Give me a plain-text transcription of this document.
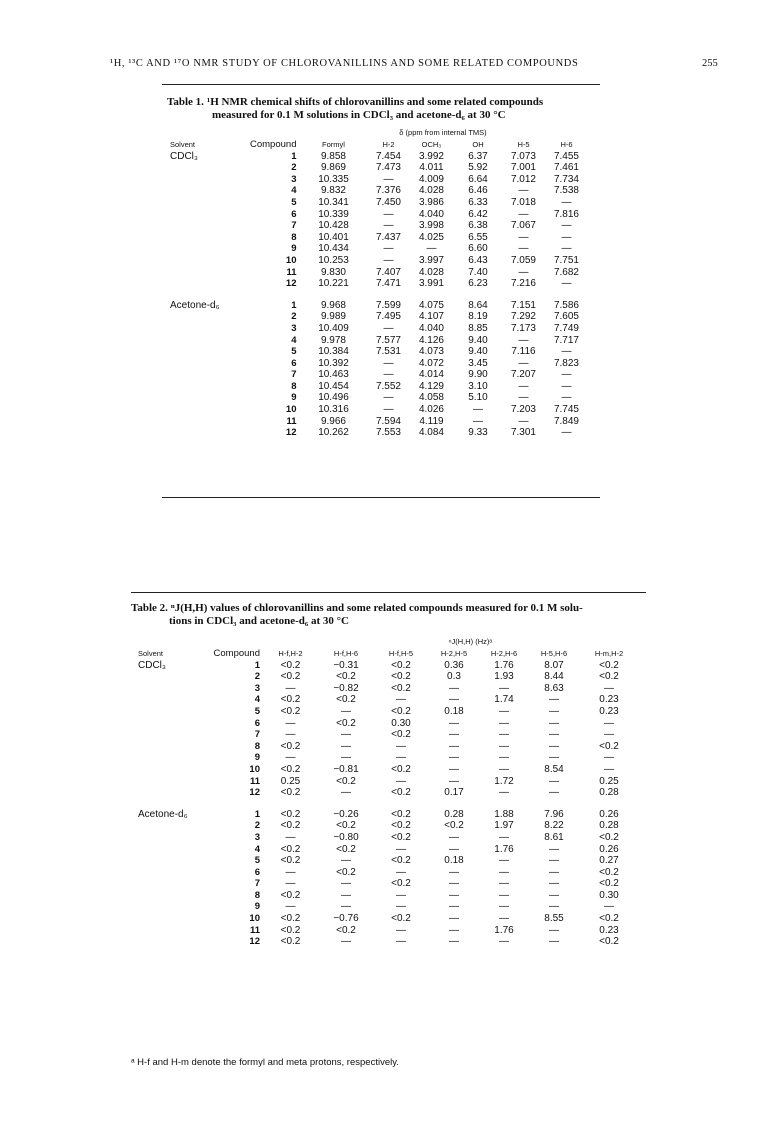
¹H, ¹³C AND ¹⁷O NMR STUDY OF CHLOROVANILLINS AND SOME RELATED COMPOUNDS	255
Table 1. ¹H NMR chemical shifts of chlorovanillins and some related compounds
measured for 0.1 M solutions in CDCl₃ and acetone-d₆ at 30 °C
		δ (ppm from internal TMS)					
Solvent	Compound	Formyl	H-2	OCH₃	OH	H-5	H-6
CDCl₃	1	9.858	7.454	3.992	6.37	7.073	7.455
	2	9.869	7.473	4.011	5.92	7.001	7.461
	3	10.335	—	4.009	6.64	7.012	7.734
	4	9.832	7.376	4.028	6.46	—	7.538
	5	10.341	7.450	3.986	6.33	7.018	—
	6	10.339	—	4.040	6.42	—	7.816
	7	10.428	—	3.998	6.38	7.067	—
	8	10.401	7.437	4.025	6.55	—	—
	9	10.434	—	—	6.60	—	—
	10	10.253	—	3.997	6.43	7.059	7.751
	11	9.830	7.407	4.028	7.40	—	7.682
	12	10.221	7.471	3.991	6.23	7.216	—

Acetone-d₆	1	9.968	7.599	4.075	8.64	7.151	7.586
	2	9.989	7.495	4.107	8.19	7.292	7.605
	3	10.409	—	4.040	8.85	7.173	7.749
	4	9.978	7.577	4.126	9.40	—	7.717
	5	10.384	7.531	4.073	9.40	7.116	—
	6	10.392	—	4.072	3.45	—	7.823
	7	10.463	—	4.014	9.90	7.207	—
	8	10.454	7.552	4.129	3.10	—	—
	9	10.496	—	4.058	5.10	—	—
	10	10.316	—	4.026	—	7.203	7.745
	11	9.966	7.594	4.119	—	—	7.849
	12	10.262	7.553	4.084	9.33	7.301	—
Table 2. ⁿJ(H,H) values of chlorovanillins and some related compounds measured for 0.1 M solu-
tions in CDCl₃ and acetone-d₆ at 30 °C
		ⁿJ(H,H) (Hz)ᵃ						
Solvent	Compound	H-f,H-2	H-f,H-6	H-f,H-5	H-2,H-5	H-2,H-6	H-5,H-6	H-m,H-2
CDCl₃	1	<0.2	−0.31	<0.2	0.36	1.76	8.07	<0.2
	2	<0.2	<0.2	<0.2	0.3	1.93	8.44	<0.2
	3	—	−0.82	<0.2	—	—	8.63	—
	4	<0.2	<0.2	—	—	1.74	—	0.23
	5	<0.2	—	<0.2	0.18	—	—	0.23
	6	—	<0.2	0.30	—	—	—	—
	7	—	—	<0.2	—	—	—	—
	8	<0.2	—	—	—	—	—	<0.2
	9	—	—	—	—	—	—	—
	10	<0.2	−0.81	<0.2	—	—	8.54	—
	11	0.25	<0.2	—	—	1.72	—	0.25
	12	<0.2	—	<0.2	0.17	—	—	0.28

Acetone-d₆	1	<0.2	−0.26	<0.2	0.28	1.88	7.96	0.26
	2	<0.2	<0.2	<0.2	<0.2	1.97	8.22	0.28
	3	—	−0.80	<0.2	—	—	8.61	<0.2
	4	<0.2	<0.2	—	—	1.76	—	0.26
	5	<0.2	—	<0.2	0.18	—	—	0.27
	6	—	<0.2	—	—	—	—	<0.2
	7	—	—	<0.2	—	—	—	<0.2
	8	<0.2	—	—	—	—	—	0.30
	9	—	—	—	—	—	—	—
	10	<0.2	−0.76	<0.2	—	—	8.55	<0.2
	11	<0.2	<0.2	—	—	1.76	—	0.23
	12	<0.2	—	—	—	—	—	<0.2
ᵃ H-f and H-m denote the formyl and meta protons, respectively.
